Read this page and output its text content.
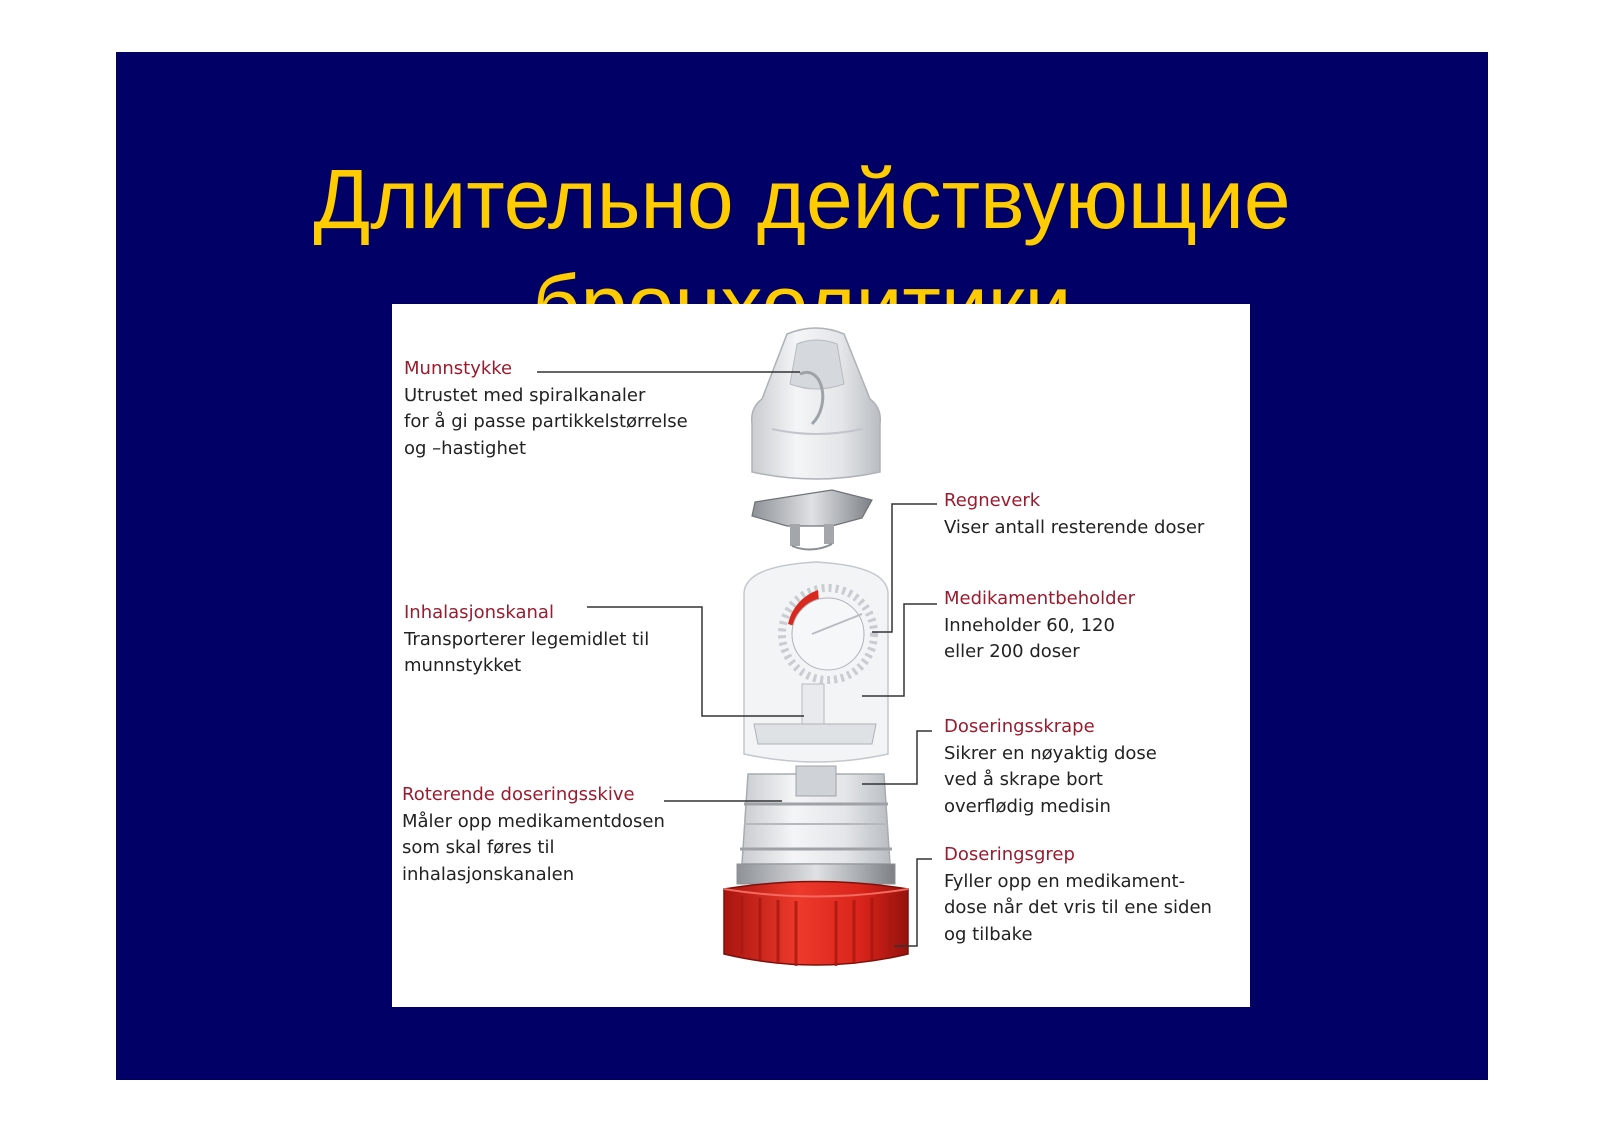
Длительно действующие
Munnstykke
Utrustet med spiralkanaler
for å gi passe partikkelstørrelse
og –hastighet
Regneverk
Viser antall resterende doser
Medikamentbeholder
Inneholder 60, 120
eller 200 doser
Inhalasjonskanal
Transporterer legemidlet til
munnstykket
Doseringsskrape
Sikrer en nøyaktig dose
ved å skrape bort
overflødig medisin
Roterende doseringsskive
Måler opp medikamentdosen
som skal føres til
inhalasjonskanalen
Doseringsgrep
Fyller opp en medikament-
dose når det vris til ene siden
og tilbake
